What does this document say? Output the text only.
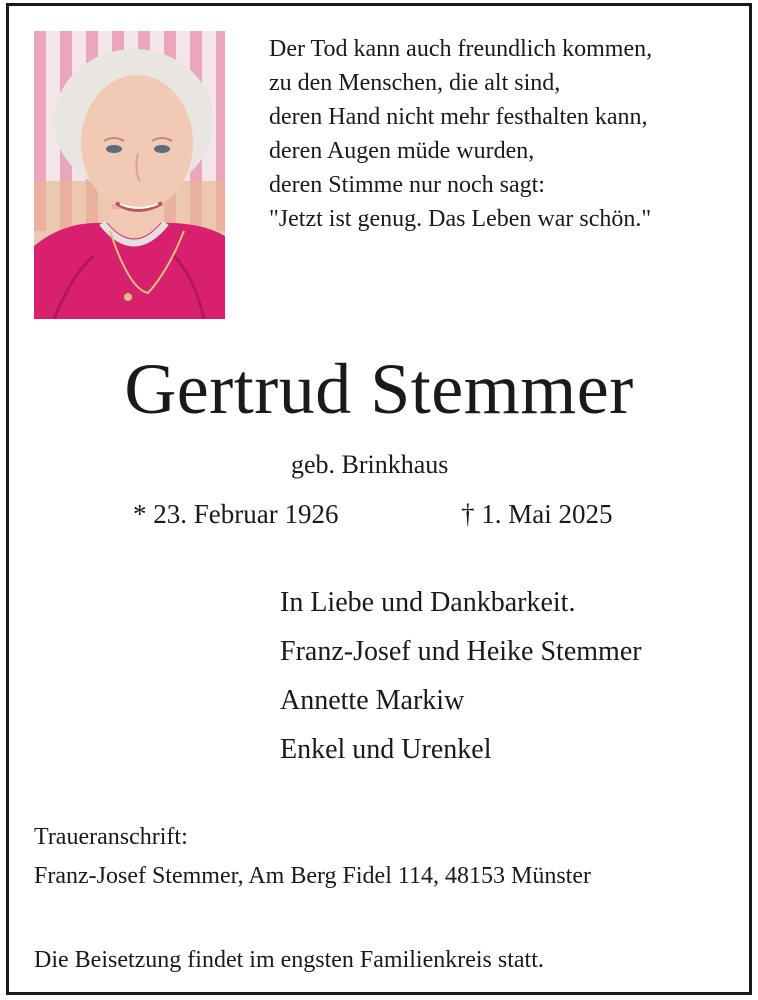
Der Tod kann auch freundlich kommen,
zu den Menschen, die alt sind,
deren Hand nicht mehr festhalten kann,
deren Augen müde wurden,
deren Stimme nur noch sagt:
"Jetzt ist genug. Das Leben war schön."
Gertrud Stemmer
geb. Brinkhaus
* 23. Februar 1926	† 1. Mai 2025
In Liebe und Dankbarkeit.
Franz-Josef und Heike Stemmer
Annette Markiw
Enkel und Urenkel
Traueranschrift:
Franz-Josef Stemmer, Am Berg Fidel 114, 48153 Münster
Die Beisetzung findet im engsten Familienkreis statt.
